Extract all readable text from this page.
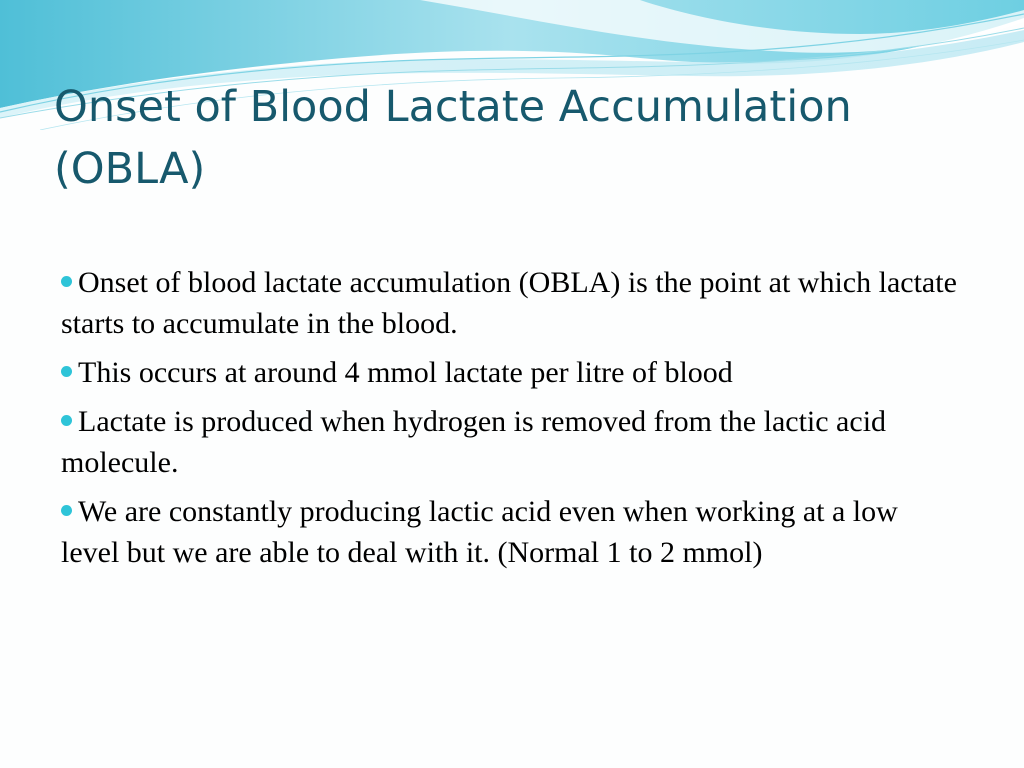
Onset of Blood Lactate Accumulation (OBLA)
Onset of blood lactate accumulation (OBLA) is the point at which lactate starts to accumulate in the blood.
This occurs at around 4 mmol lactate per litre of blood
Lactate is produced when hydrogen is removed from the lactic acid molecule.
We are constantly producing lactic acid even when working at a low level but we are able to deal with it. (Normal 1 to 2 mmol)
